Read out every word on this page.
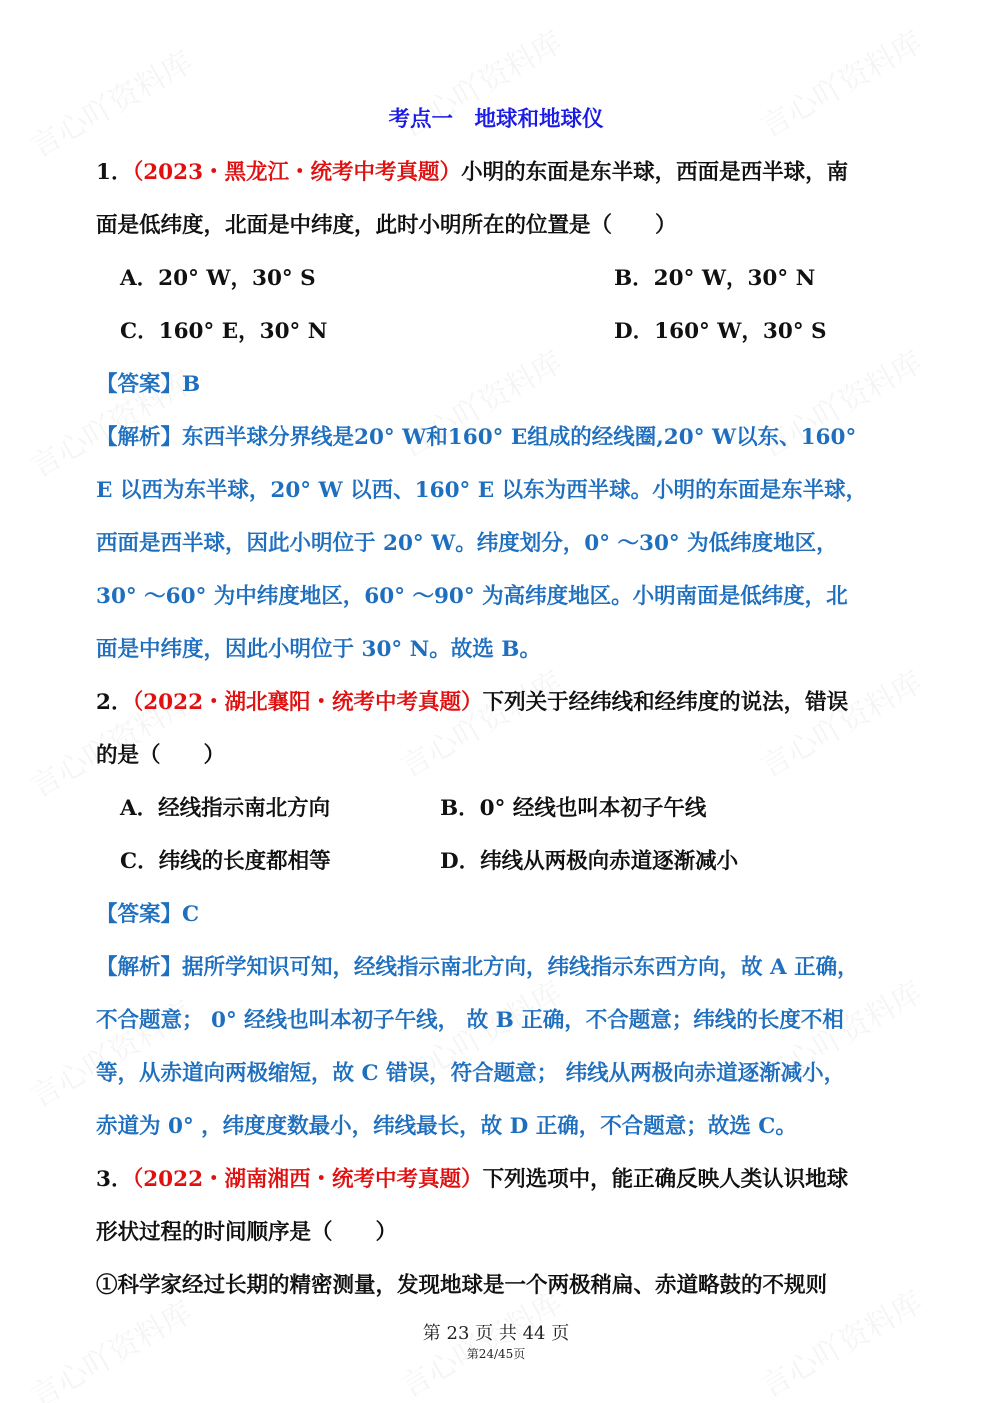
考点一　地球和地球仪
1．（2023・黑龙江・统考中考真题）小明的东面是东半球，西面是西半球，南
面是低纬度，北面是中纬度，此时小明所在的位置是（　　）
A．20° W，30° S	B．20° W，30° N
C．160° E，30° N	D．160° W，30° S
【答案】B
【解析】东西半球分界线是20° W和160° E组成的经线圈,20° W以东、160°
E 以西为东半球，20° W 以西、160° E 以东为西半球。小明的东面是东半球，
西面是西半球，因此小明位于 20° W。纬度划分，0° ～30° 为低纬度地区，
30° ～60° 为中纬度地区，60° ～90° 为高纬度地区。小明南面是低纬度，北
面是中纬度，因此小明位于 30° N。故选 B。
2．（2022・湖北襄阳・统考中考真题）下列关于经纬线和经纬度的说法，错误
的是（　　）
A．经线指示南北方向	B．0° 经线也叫本初子午线
C．纬线的长度都相等	D．纬线从两极向赤道逐渐减小
【答案】C
【解析】据所学知识可知，经线指示南北方向，纬线指示东西方向，故 A 正确，
不合题意； 0° 经线也叫本初子午线， 故 B 正确，不合题意；纬线的长度不相
等，从赤道向两极缩短，故 C 错误，符合题意； 纬线从两极向赤道逐渐减小，
赤道为 0° ，纬度度数最小，纬线最长，故 D 正确，不合题意；故选 C。
3．（2022・湖南湘西・统考中考真题）下列选项中，能正确反映人类认识地球
形状过程的时间顺序是（　　）
①科学家经过长期的精密测量，发现地球是一个两极稍扁、赤道略鼓的不规则
第 23 页 共 44 页
第24/45页
